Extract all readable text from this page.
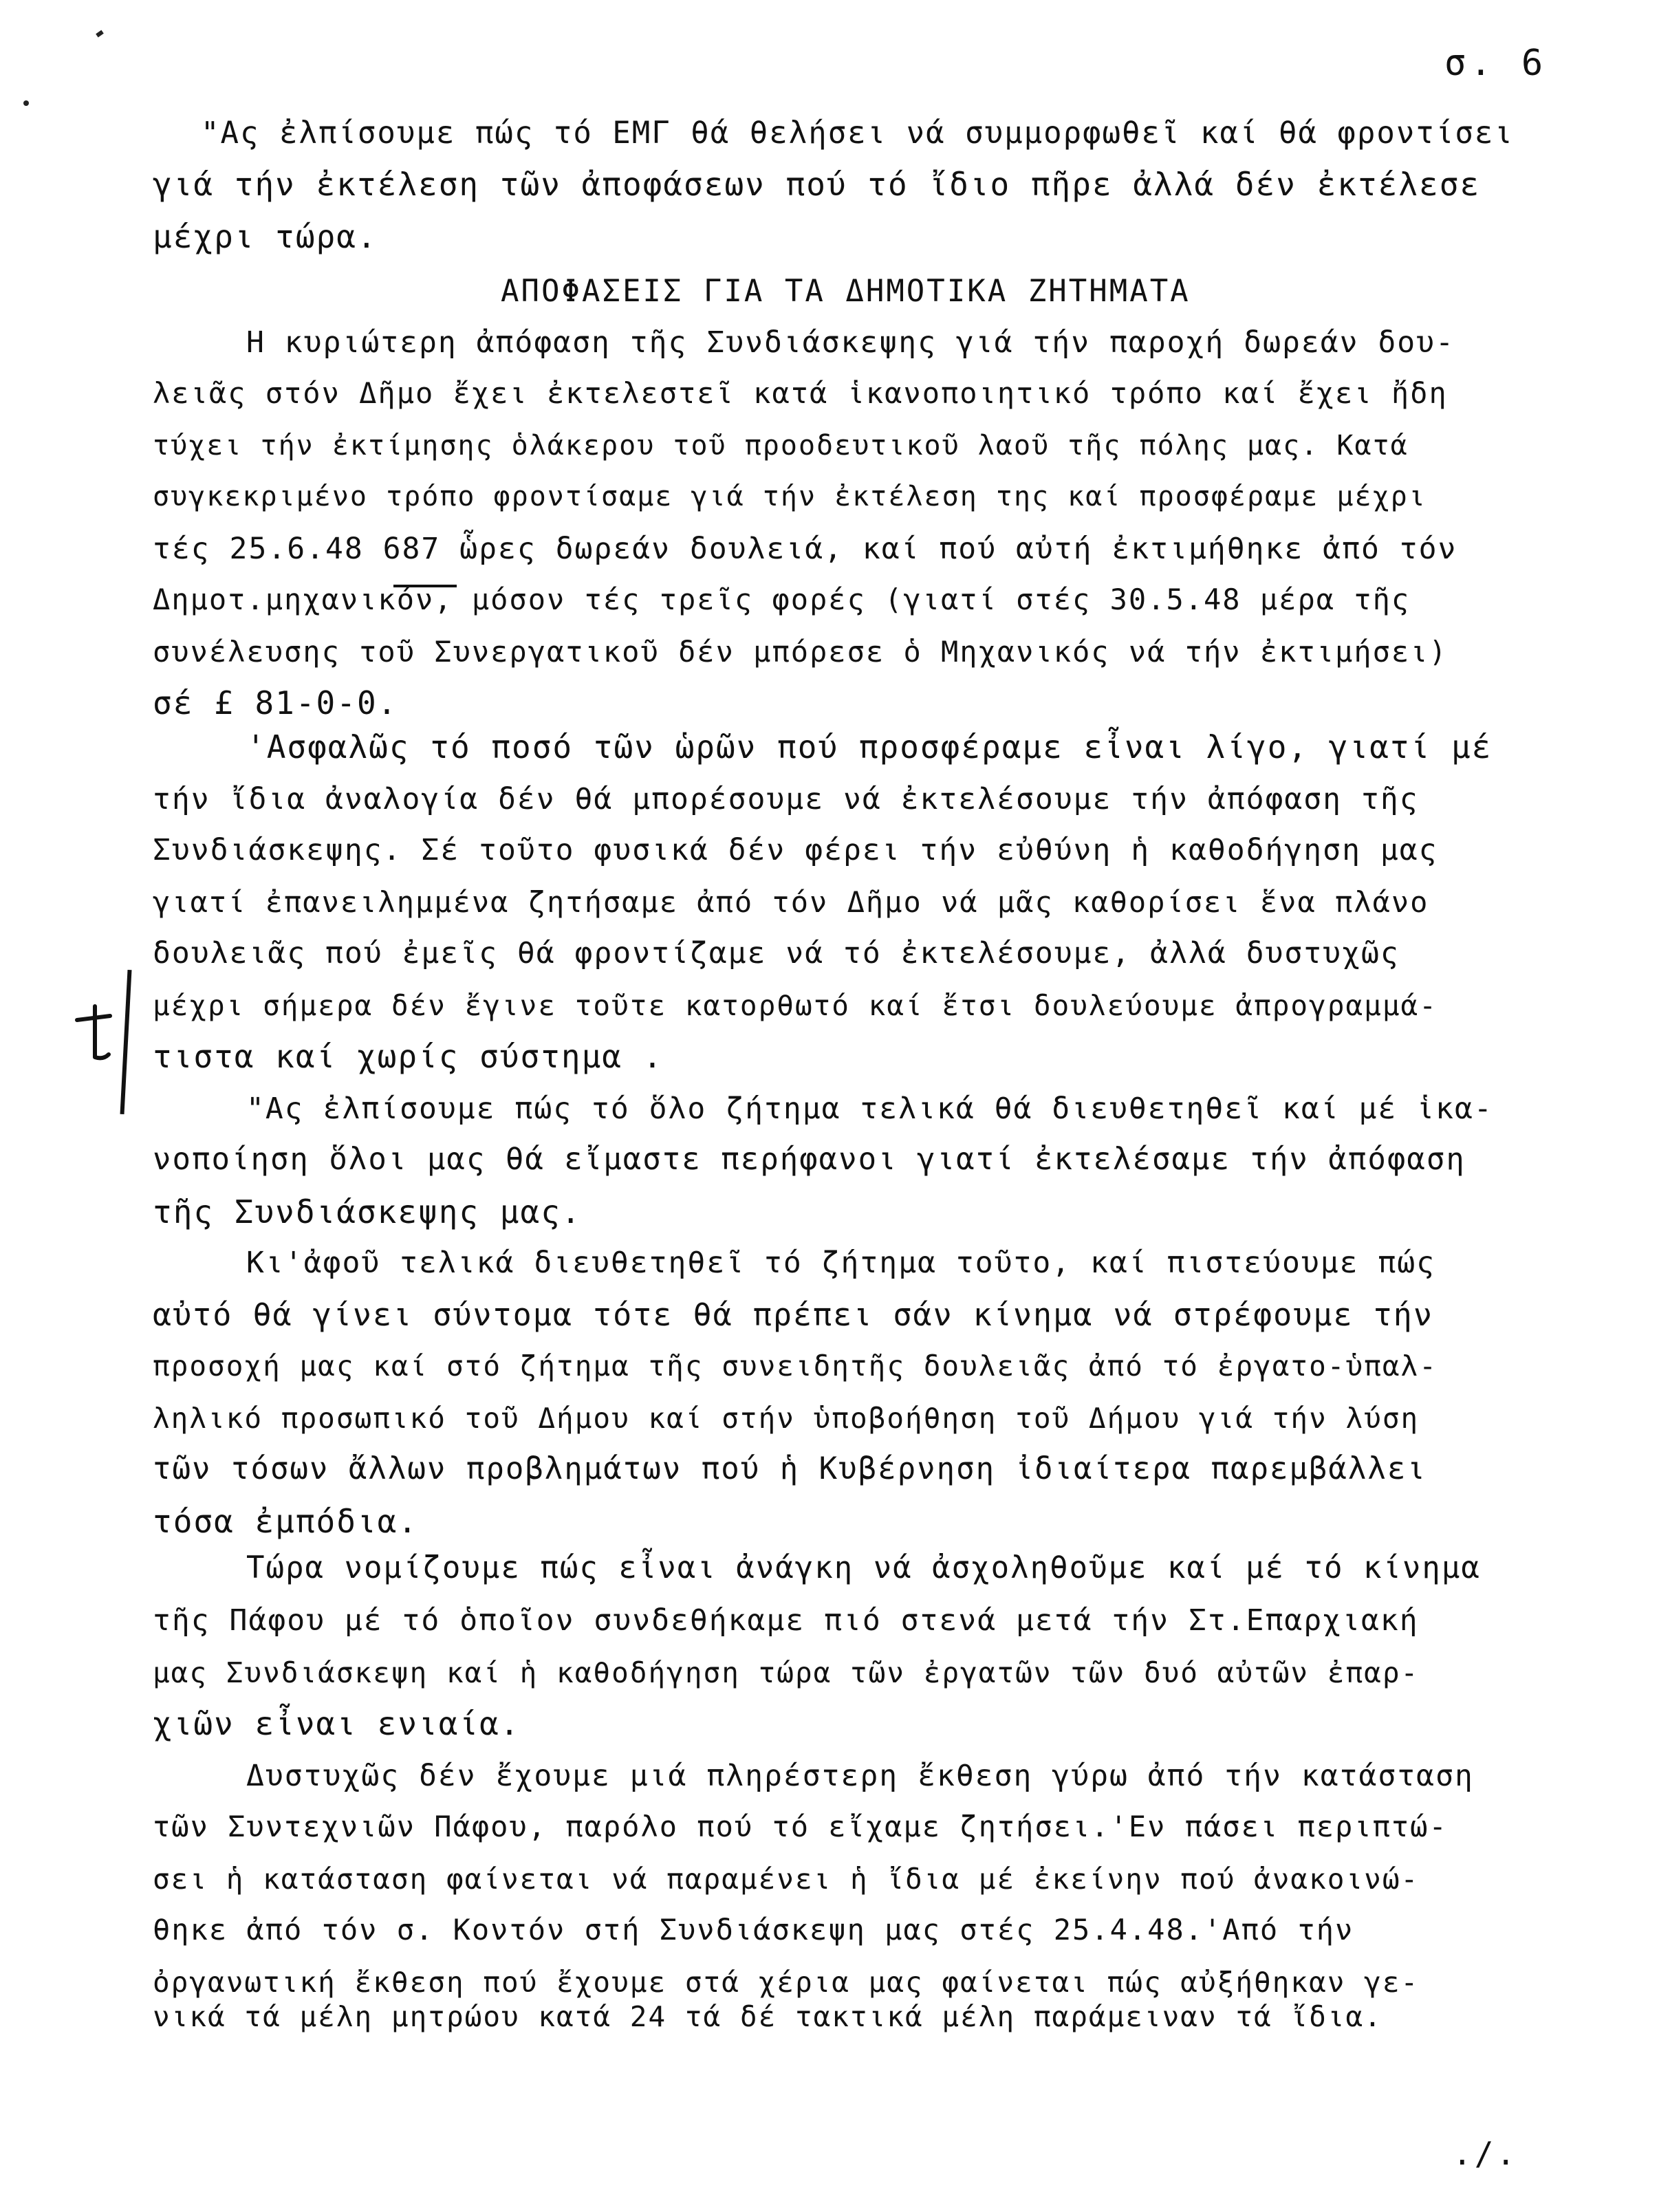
σ. 6
"Ας ἐλπίσουμε πώς τό ΕΜΓ θά θελήσει νά συμμορφωθεῖ καί θά φροντίσει
γιά τήν ἐκτέλεση τῶν ἀποφάσεων πού τό ἴδιο πῆρε ἀλλά δέν ἐκτέλεσε
μέχρι τώρα.
ΑΠΟΦΑΣΕΙΣ ΓΙΑ ΤΑ ΔΗΜΟΤΙΚΑ ΖΗΤΗΜΑΤΑ
Η κυριώτερη ἀπόφαση τῆς Συνδιάσκεψης γιά τήν παροχή δωρεάν δου-
λειᾶς στόν Δῆμο ἔχει ἐκτελεστεῖ κατά ἱκανοποιητικό τρόπο καί ἔχει ἤδη
τύχει τήν ἐκτίμησης ὁλάκερου τοῦ προοδευτικοῦ λαοῦ τῆς πόλης μας. Κατά
συγκεκριμένο τρόπο φροντίσαμε γιά τήν ἐκτέλεση της καί προσφέραμε μέχρι
τές 25.6.48 687 ὧρες δωρεάν δουλειά, καί πού αὐτή ἐκτιμήθηκε ἀπό τόν
Δημοτ.μηχανικόν, μόσον τές τρεῖς φορές (γιατί στές 30.5.48 μέρα τῆς
συνέλευσης τοῦ Συνεργατικοῦ δέν μπόρεσε ὁ Μηχανικός νά τήν ἐκτιμήσει)
σέ £ 81-0-0.
'Ασφαλῶς τό ποσό τῶν ὡρῶν πού προσφέραμε εἶναι λίγο, γιατί μέ
τήν ἴδια ἀναλογία δέν θά μπορέσουμε νά ἐκτελέσουμε τήν ἀπόφαση τῆς
Συνδιάσκεψης. Σέ τοῦτο φυσικά δέν φέρει τήν εὐθύνη ἡ καθοδήγηση μας
γιατί ἐπανειλημμένα ζητήσαμε ἀπό τόν Δῆμο νά μᾶς καθορίσει ἕνα πλάνο
δουλειᾶς πού ἐμεῖς θά φροντίζαμε νά τό ἐκτελέσουμε, ἀλλά δυστυχῶς
μέχρι σήμερα δέν ἔγινε τοῦτε κατορθωτό καί ἔτσι δουλεύουμε ἀπρογραμμά-
τιστα καί χωρίς σύστημα .
"Ας ἐλπίσουμε πώς τό ὅλο ζήτημα τελικά θά διευθετηθεῖ καί μέ ἱκα-
νοποίηση ὅλοι μας θά εἴμαστε περήφανοι γιατί ἐκτελέσαμε τήν ἀπόφαση
τῆς Συνδιάσκεψης μας.
Κι'ἀφοῦ τελικά διευθετηθεῖ τό ζήτημα τοῦτο, καί πιστεύουμε πώς
αὐτό θά γίνει σύντομα τότε θά πρέπει σάν κίνημα νά στρέφουμε τήν
προσοχή μας καί στό ζήτημα τῆς συνειδητῆς δουλειᾶς ἀπό τό ἐργατο-ὑπαλ-
ληλικό προσωπικό τοῦ Δήμου καί στήν ὑποβοήθηση τοῦ Δήμου γιά τήν λύση
τῶν τόσων ἄλλων προβλημάτων πού ἡ Κυβέρνηση ἰδιαίτερα παρεμβάλλει
τόσα ἐμπόδια.
Τώρα νομίζουμε πώς εἶναι ἀνάγκη νά ἀσχοληθοῦμε καί μέ τό κίνημα
τῆς Πάφου μέ τό ὁποῖον συνδεθήκαμε πιό στενά μετά τήν Στ.Επαρχιακή
μας Συνδιάσκεψη καί ἡ καθοδήγηση τώρα τῶν ἐργατῶν τῶν δυό αὐτῶν ἐπαρ-
χιῶν εἶναι ενιαία.
Δυστυχῶς δέν ἔχουμε μιά πληρέστερη ἔκθεση γύρω ἀπό τήν κατάσταση
τῶν Συντεχνιῶν Πάφου, παρόλο πού τό εἴχαμε ζητήσει.'Εν πάσει περιπτώ-
σει ἡ κατάσταση φαίνεται νά παραμένει ἡ ἴδια μέ ἐκείνην πού ἀνακοινώ-
θηκε ἀπό τόν σ. Κοντόν στή Συνδιάσκεψη μας στές 25.4.48.'Από τήν
ὀργανωτική ἔκθεση πού ἔχουμε στά χέρια μας φαίνεται πώς αὐξήθηκαν γε-
νικά τά μέλη μητρώου κατά 24 τά δέ τακτικά μέλη παράμειναν τά ἴδια.
./.
